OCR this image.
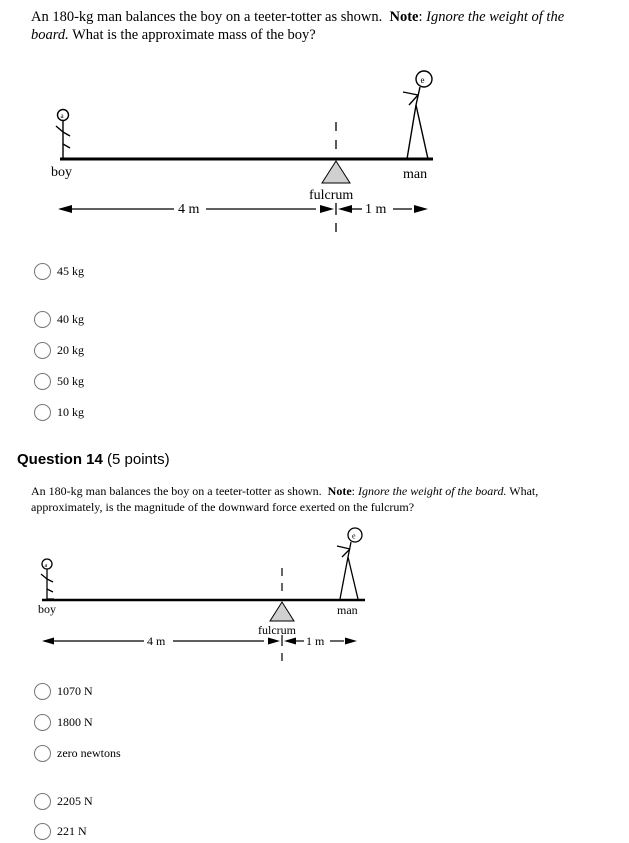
An 180-kg man balances the boy on a teeter-totter as shown. Note: Ignore the weight of the
board. What is the approximate mass of the boy?
a
e
boy	man
fulcrum
4 m	1 m
45 kg
40 kg
20 kg
50 kg
10 kg
Question 14 (5 points)
An 180-kg man balances the boy on a teeter-totter as shown. Note: Ignore the weight of the board. What,
approximately, is the magnitude of the downward force exerted on the fulcrum?
a
e
boy	man
fulcrum
4 m	1 m
1070 N
1800 N
zero newtons
2205 N
221 N
